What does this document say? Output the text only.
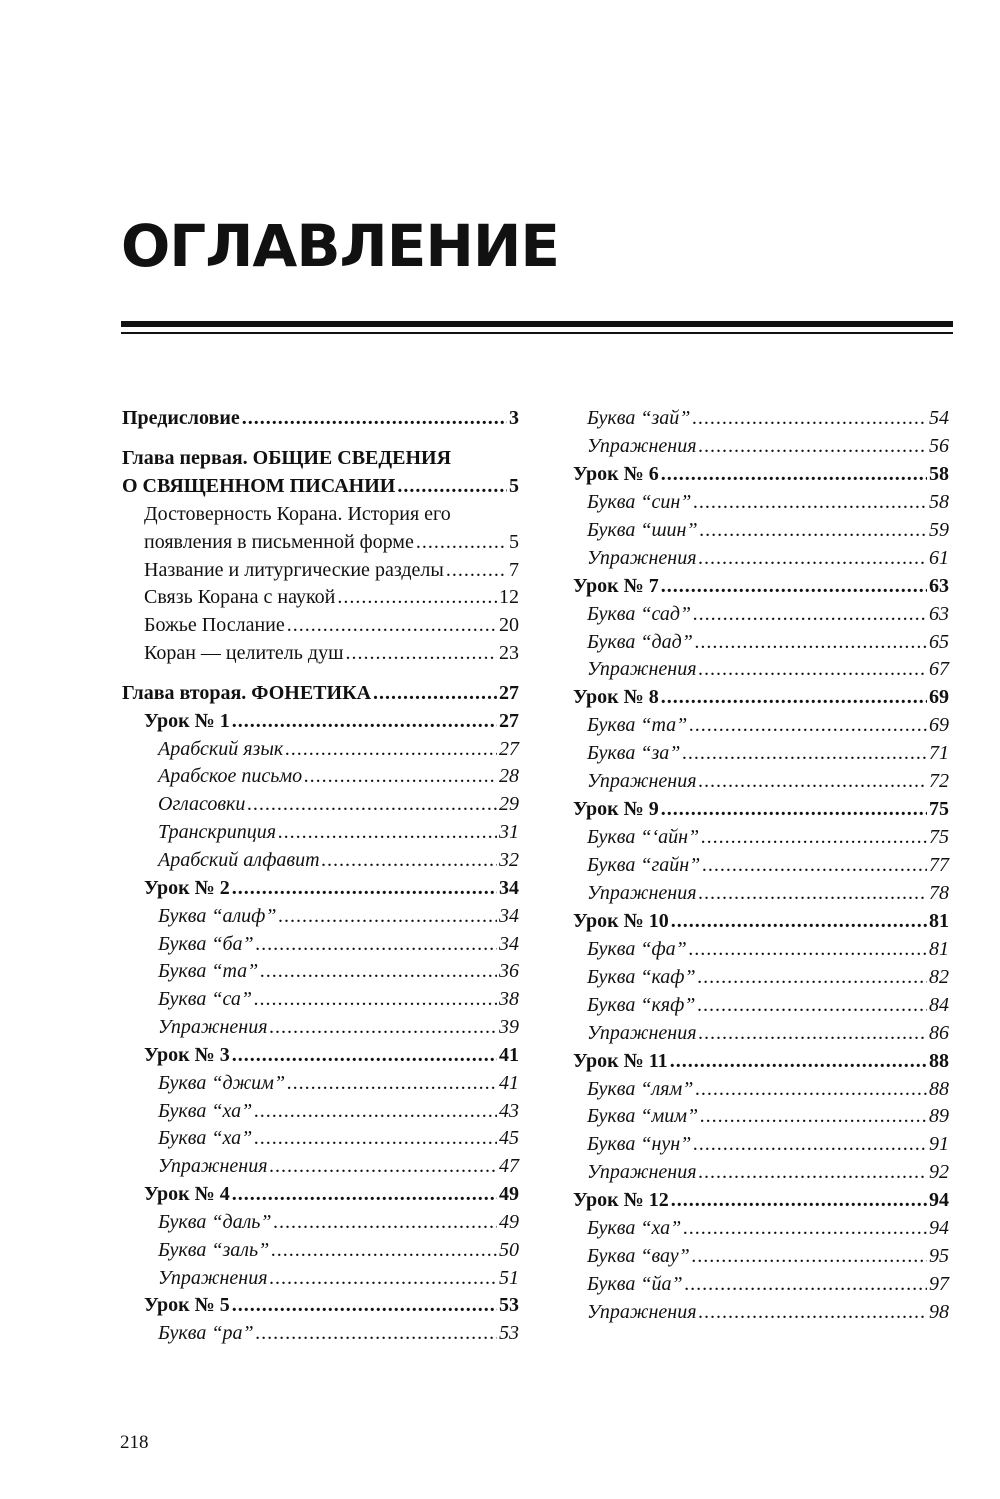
ОГЛАВЛЕНИЕ
Предисловие .....	3
Глава первая. ОБЩИЕ СВЕДЕНИЯ
О СВЯЩЕННОМ ПИСАНИИ .....	5
Достоверность Корана. История его
появления в письменной форме .....	5
Название и литургические разделы .....	7
Связь Корана с наукой .....	12
Божье Послание .....	20
Коран — целитель душ .....	23
Глава вторая. ФОНЕТИКА .....	27
Урок № 1 .....	27
Арабский язык .....	27
Арабское письмо .....	28
Огласовки .....	29
Транскрипция .....	31
Арабский алфавит .....	32
Урок № 2 .....	34
Буква “алиф” .....	34
Буква “ба” .....	34
Буква “та” .....	36
Буква “са” .....	38
Упражнения .....	39
Урок № 3 .....	41
Буква “джим” .....	41
Буква “ха” .....	43
Буква “ха” .....	45
Упражнения .....	47
Урок № 4 .....	49
Буква “даль” .....	49
Буква “заль” .....	50
Упражнения .....	51
Урок № 5 .....	53
Буква “ра” .....	53
Буква “зай” .....	54
Упражнения .....	56
Урок № 6 .....	58
Буква “син” .....	58
Буква “шин” .....	59
Упражнения .....	61
Урок № 7 .....	63
Буква “сад” .....	63
Буква “дад” .....	65
Упражнения .....	67
Урок № 8 .....	69
Буква “та” .....	69
Буква “за” .....	71
Упражнения .....	72
Урок № 9 .....	75
Буква “‘айн” .....	75
Буква “гайн” .....	77
Упражнения .....	78
Урок № 10 .....	81
Буква “фа” .....	81
Буква “каф” .....	82
Буква “кяф” .....	84
Упражнения .....	86
Урок № 11 .....	88
Буква “лям” .....	88
Буква “мим” .....	89
Буква “нун” .....	91
Упражнения .....	92
Урок № 12 .....	94
Буква “ха” .....	94
Буква “вау” .....	95
Буква “йа” .....	97
Упражнения .....	98
218
